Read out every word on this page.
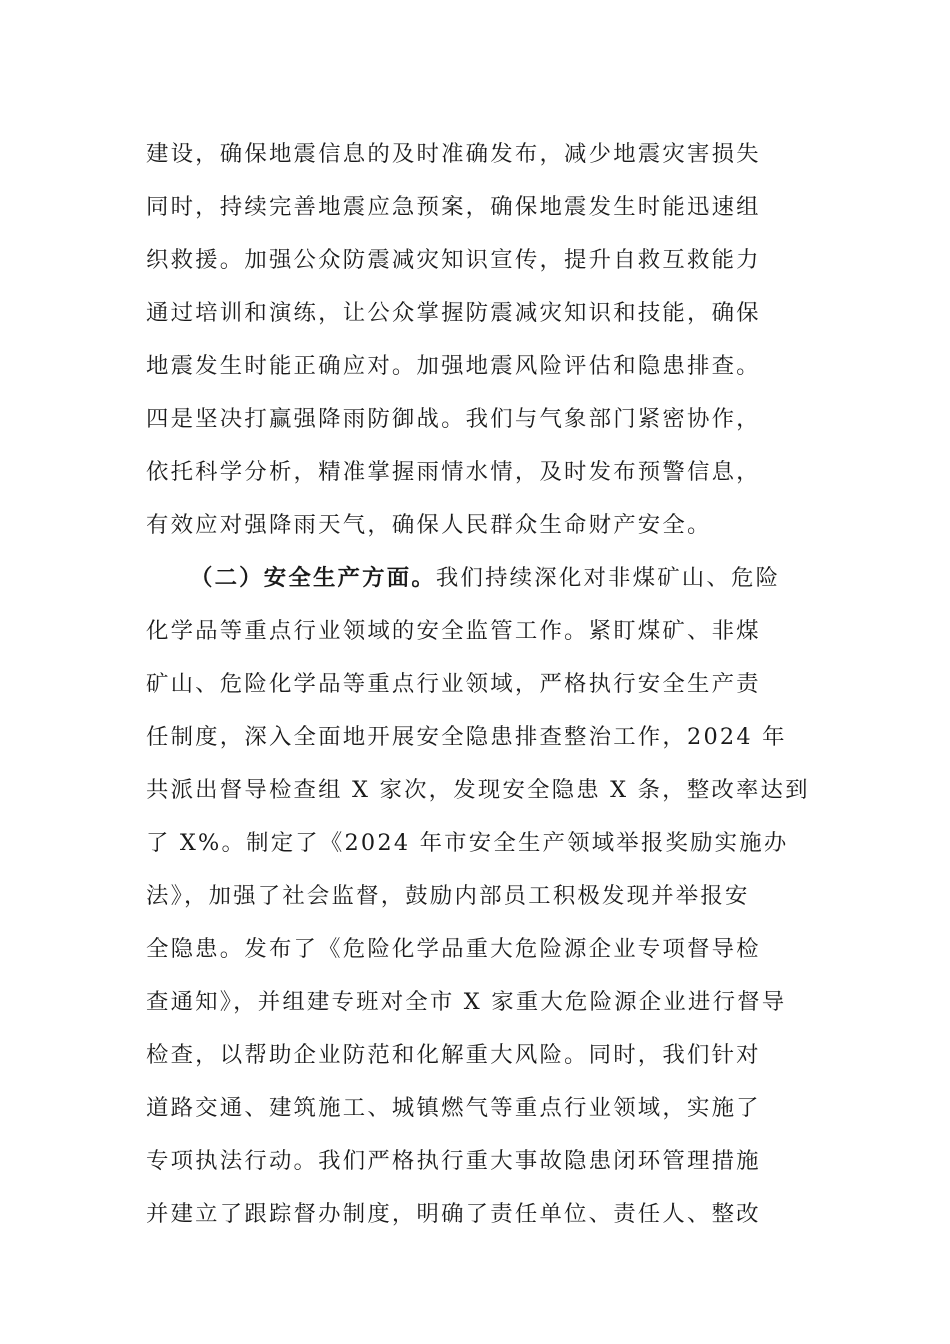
建设，确保地震信息的及时准确发布，减少地震灾害损失
同时，持续完善地震应急预案，确保地震发生时能迅速组
织救援。加强公众防震减灾知识宣传，提升自救互救能力
通过培训和演练，让公众掌握防震减灾知识和技能，确保
地震发生时能正确应对。加强地震风险评估和隐患排查。
四是坚决打赢强降雨防御战。我们与气象部门紧密协作，
依托科学分析，精准掌握雨情水情，及时发布预警信息，
有效应对强降雨天气，确保人民群众生命财产安全。
（二）安全生产方面。我们持续深化对非煤矿山、危险
化学品等重点行业领域的安全监管工作。紧盯煤矿、非煤
矿山、危险化学品等重点行业领域，严格执行安全生产责
任制度，深入全面地开展安全隐患排查整治工作，2024 年
共派出督导检查组 X 家次，发现安全隐患 X 条，整改率达到
了 X%。制定了《2024 年市安全生产领域举报奖励实施办
法》，加强了社会监督，鼓励内部员工积极发现并举报安
全隐患。发布了《危险化学品重大危险源企业专项督导检
查通知》，并组建专班对全市 X 家重大危险源企业进行督导
检查，以帮助企业防范和化解重大风险。同时，我们针对
道路交通、建筑施工、城镇燃气等重点行业领域，实施了
专项执法行动。我们严格执行重大事故隐患闭环管理措施
并建立了跟踪督办制度，明确了责任单位、责任人、整改
